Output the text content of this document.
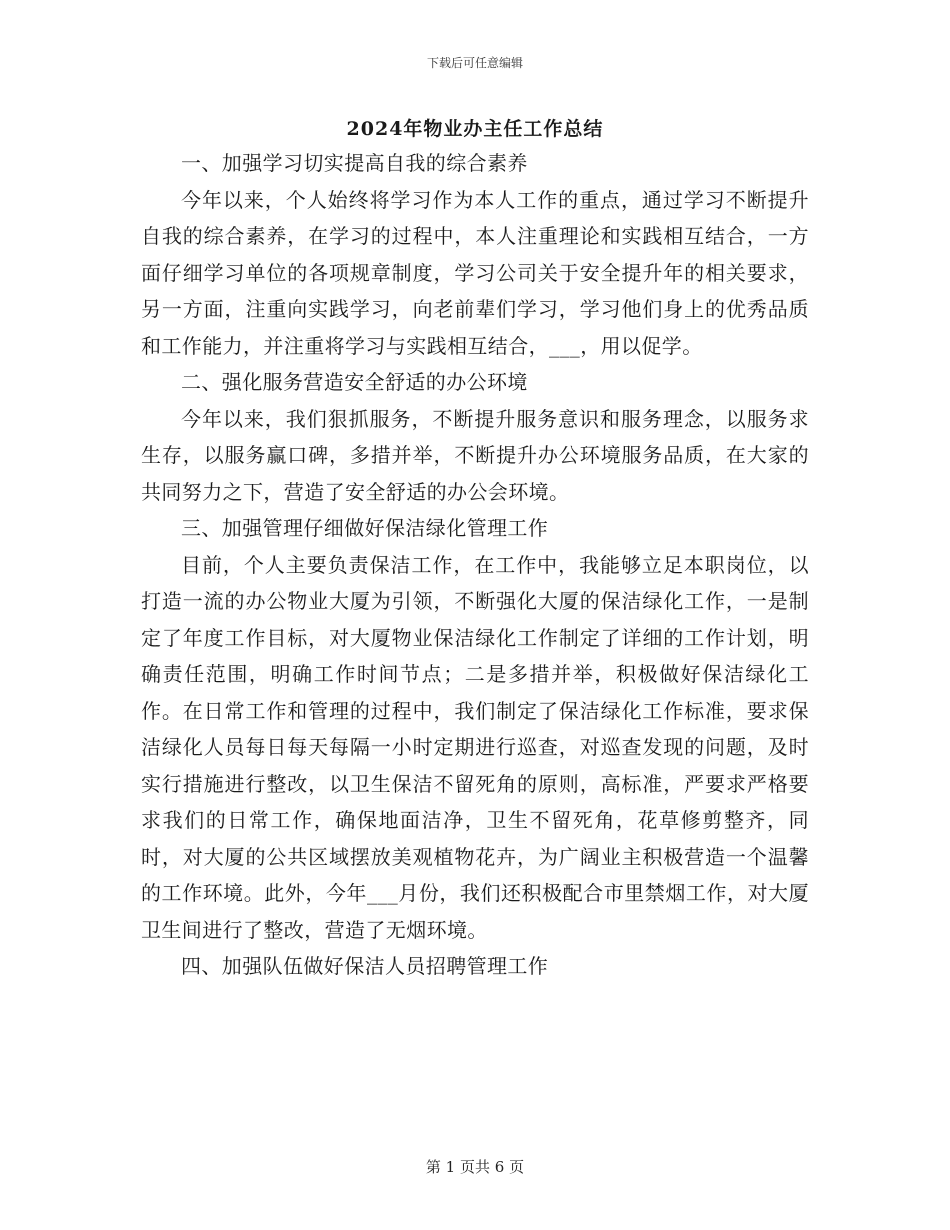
下载后可任意编辑
2024年物业办主任工作总结

一、加强学习切实提高自我的综合素养

今年以来，个人始终将学习作为本人工作的重点，通过学习不断提升自我的综合素养，在学习的过程中，本人注重理论和实践相互结合，一方面仔细学习单位的各项规章制度，学习公司关于安全提升年的相关要求，另一方面，注重向实践学习，向老前辈们学习，学习他们身上的优秀品质和工作能力，并注重将学习与实践相互结合，___，用以促学。

二、强化服务营造安全舒适的办公环境

今年以来，我们狠抓服务，不断提升服务意识和服务理念，以服务求生存，以服务赢口碑，多措并举，不断提升办公环境服务品质，在大家的共同努力之下，营造了安全舒适的办公会环境。

三、加强管理仔细做好保洁绿化管理工作

目前，个人主要负责保洁工作，在工作中，我能够立足本职岗位，以打造一流的办公物业大厦为引领，不断强化大厦的保洁绿化工作，一是制定了年度工作目标，对大厦物业保洁绿化工作制定了详细的工作计划，明确责任范围，明确工作时间节点；二是多措并举，积极做好保洁绿化工作。在日常工作和管理的过程中，我们制定了保洁绿化工作标准，要求保洁绿化人员每日每天每隔一小时定期进行巡查，对巡查发现的问题，及时实行措施进行整改，以卫生保洁不留死角的原则，高标准，严要求严格要求我们的日常工作，确保地面洁净，卫生不留死角，花草修剪整齐，同时，对大厦的公共区域摆放美观植物花卉，为广阔业主积极营造一个温馨的工作环境。此外，今年___月份，我们还积极配合市里禁烟工作，对大厦卫生间进行了整改，营造了无烟环境。

四、加强队伍做好保洁人员招聘管理工作

第 1 页共 6 页
